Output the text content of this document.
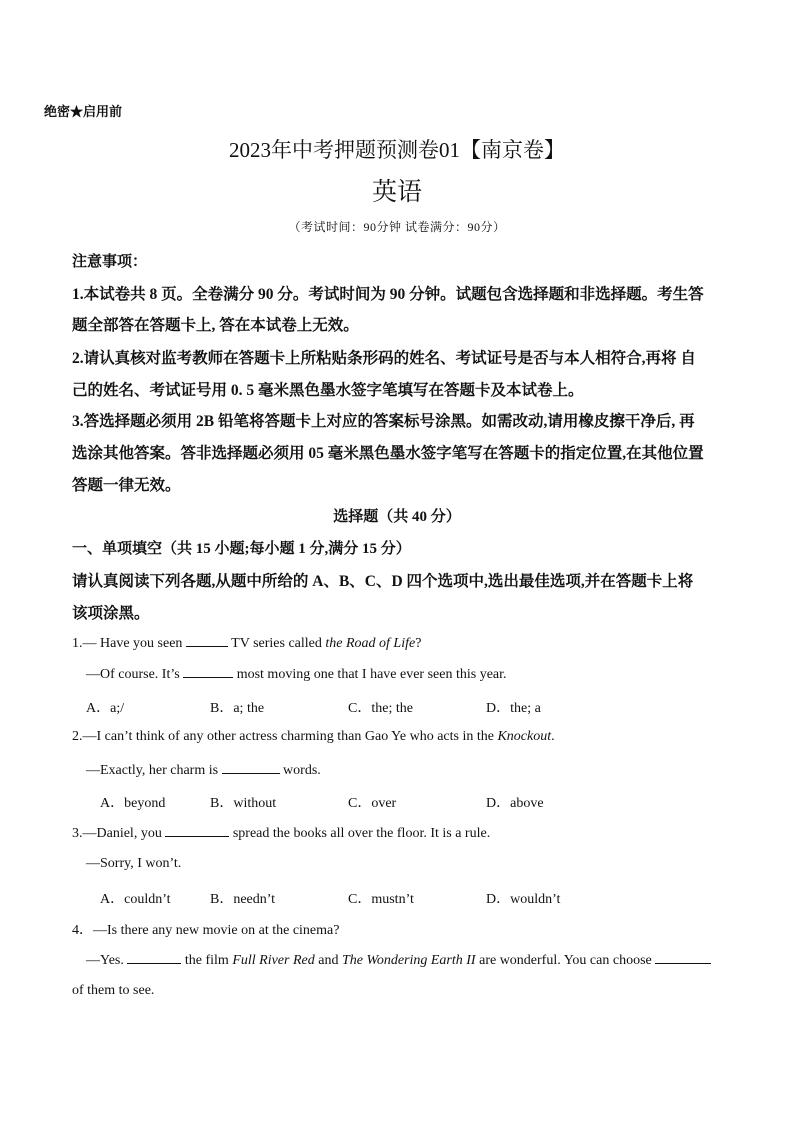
绝密★启用前
2023年中考押题预测卷01【南京卷】
英语
（考试时间：90分钟 试卷满分：90分）
注意事项：
1.本试卷共 8 页。全卷满分 90 分。考试时间为 90 分钟。试题包含选择题和非选择题。考生答
题全部答在答题卡上, 答在本试卷上无效。
2.请认真核对监考教师在答题卡上所粘贴条形码的姓名、考试证号是否与本人相符合,再将 自
己的姓名、考试证号用 0. 5 毫米黑色墨水签字笔填写在答题卡及本试卷上。
3.答选择题必须用 2B 铅笔将答题卡上对应的答案标号涂黑。如需改动,请用橡皮擦干净后, 再
选涂其他答案。答非选择题必须用 05 毫米黑色墨水签字笔写在答题卡的指定位置,在其他位置
答题一律无效。
选择题（共 40 分）
一、单项填空（共 15 小题;每小题 1 分,满分 15 分）
请认真阅读下列各题,从题中所给的 A、B、C、D 四个选项中,选出最佳选项,并在答题卡上将
该项涂黑。
1.— Have you seen	TV series called the Road of Life?
—Of course. It’s	most moving one that I have ever seen this year.
A．a;/	B．a; the	C．the; the	D．the; a
2.—I can’t think of any other actress charming than Gao Ye who acts in the Knockout.
—Exactly, her charm is	words.
A．beyond	B．without	C．over	D．above
3.—Daniel, you	spread the books all over the floor. It is a rule.
—Sorry, I won’t.
A．couldn’t	B．needn’t	C．mustn’t	D．wouldn’t
4．—Is there any new movie on at the cinema?
—Yes.	the film Full River Red and The Wondering Earth II are wonderful. You can choose
of them to see.
